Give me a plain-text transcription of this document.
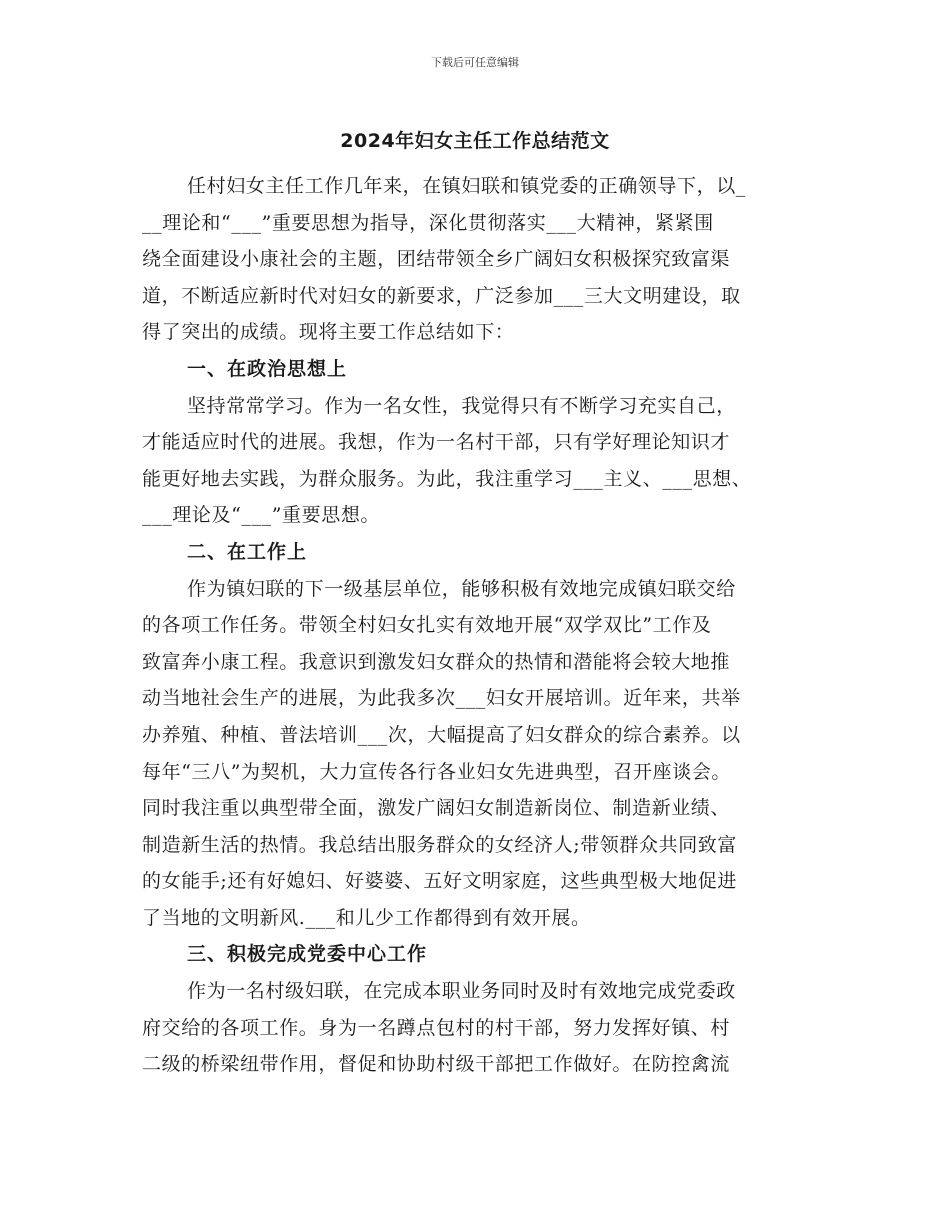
下载后可任意编辑
2024年妇女主任工作总结范文
任村妇女主任工作几年来，在镇妇联和镇党委的正确领导下，以_
__理论和“___”重要思想为指导，深化贯彻落实___大精神，紧紧围
绕全面建设小康社会的主题，团结带领全乡广阔妇女积极探究致富渠
道，不断适应新时代对妇女的新要求，广泛参加___三大文明建设，取
得了突出的成绩。现将主要工作总结如下：
一、在政治思想上
坚持常常学习。作为一名女性，我觉得只有不断学习充实自己，
才能适应时代的进展。我想，作为一名村干部，只有学好理论知识才
能更好地去实践，为群众服务。为此，我注重学习___主义、___思想、
___理论及“___”重要思想。
二、在工作上
作为镇妇联的下一级基层单位，能够积极有效地完成镇妇联交给
的各项工作任务。带领全村妇女扎实有效地开展“双学双比”工作及
致富奔小康工程。我意识到激发妇女群众的热情和潜能将会较大地推
动当地社会生产的进展，为此我多次___妇女开展培训。近年来，共举
办养殖、种植、普法培训___次，大幅提高了妇女群众的综合素养。以
每年“三八”为契机，大力宣传各行各业妇女先进典型，召开座谈会。
同时我注重以典型带全面，激发广阔妇女制造新岗位、制造新业绩、
制造新生活的热情。我总结出服务群众的女经济人;带领群众共同致富
的女能手;还有好媳妇、好婆婆、五好文明家庭，这些典型极大地促进
了当地的文明新风.___和儿少工作都得到有效开展。
三、积极完成党委中心工作
作为一名村级妇联，在完成本职业务同时及时有效地完成党委政
府交给的各项工作。身为一名蹲点包村的村干部，努力发挥好镇、村
二级的桥梁纽带作用，督促和协助村级干部把工作做好。在防控禽流
